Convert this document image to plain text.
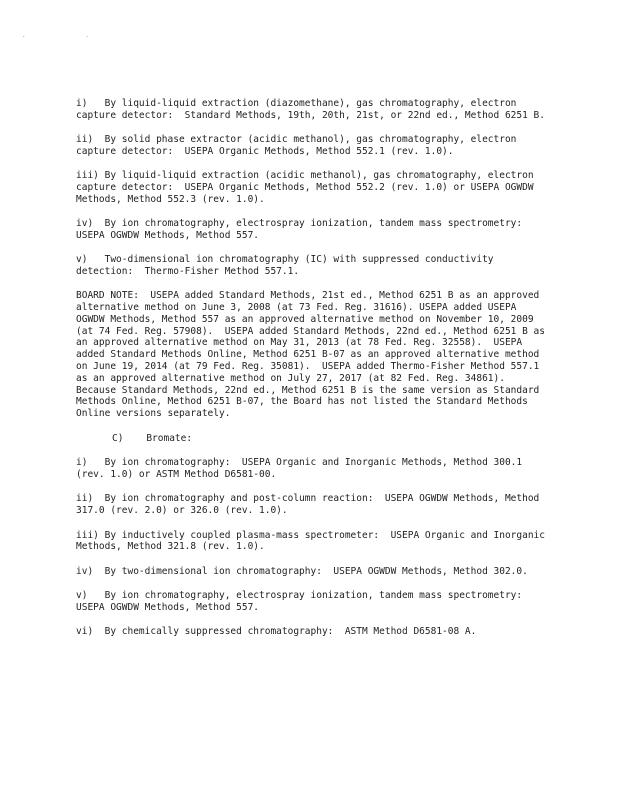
. .

i)   By liquid-liquid extraction (diazomethane), gas chromatography, electron capture detector:  Standard Methods, 19th, 20th, 21st, or 22nd ed., Method 6251 B.

ii)  By solid phase extractor (acidic methanol), gas chromatography, electron capture detector:  USEPA Organic Methods, Method 552.1 (rev. 1.0).

iii) By liquid-liquid extraction (acidic methanol), gas chromatography, electron capture detector:  USEPA Organic Methods, Method 552.2 (rev. 1.0) or USEPA OGWDW Methods, Method 552.3 (rev. 1.0).

iv)  By ion chromatography, electrospray ionization, tandem mass spectrometry:  USEPA OGWDW Methods, Method 557.

v)   Two-dimensional ion chromatography (IC) with suppressed conductivity detection:  Thermo-Fisher Method 557.1.

BOARD NOTE:  USEPA added Standard Methods, 21st ed., Method 6251 B as an approved alternative method on June 3, 2008 (at 73 Fed. Reg. 31616). USEPA added USEPA OGWDW Methods, Method 557 as an approved alternative method on November 10, 2009 (at 74 Fed. Reg. 57908).  USEPA added Standard Methods, 22nd ed., Method 6251 B as an approved alternative method on May 31, 2013 (at 78 Fed. Reg. 32558).  USEPA added Standard Methods Online, Method 6251 B-07 as an approved alternative method on June 19, 2014 (at 79 Fed. Reg. 35081).  USEPA added Thermo-Fisher Method 557.1 as an approved alternative method on July 27, 2017 (at 82 Fed. Reg. 34861).  Because Standard Methods, 22nd ed., Method 6251 B is the same version as Standard Methods Online, Method 6251 B-07, the Board has not listed the Standard Methods Online versions separately.

C)    Bromate:

i)   By ion chromatography:  USEPA Organic and Inorganic Methods, Method 300.1 (rev. 1.0) or ASTM Method D6581-00.

ii)  By ion chromatography and post-column reaction:  USEPA OGWDW Methods, Method 317.0 (rev. 2.0) or 326.0 (rev. 1.0).

iii) By inductively coupled plasma-mass spectrometer:  USEPA Organic and Inorganic Methods, Method 321.8 (rev. 1.0).

iv)  By two-dimensional ion chromatography:  USEPA OGWDW Methods, Method 302.0.

v)   By ion chromatography, electrospray ionization, tandem mass spectrometry:  USEPA OGWDW Methods, Method 557.

vi)  By chemically suppressed chromatography:  ASTM Method D6581-08 A.
